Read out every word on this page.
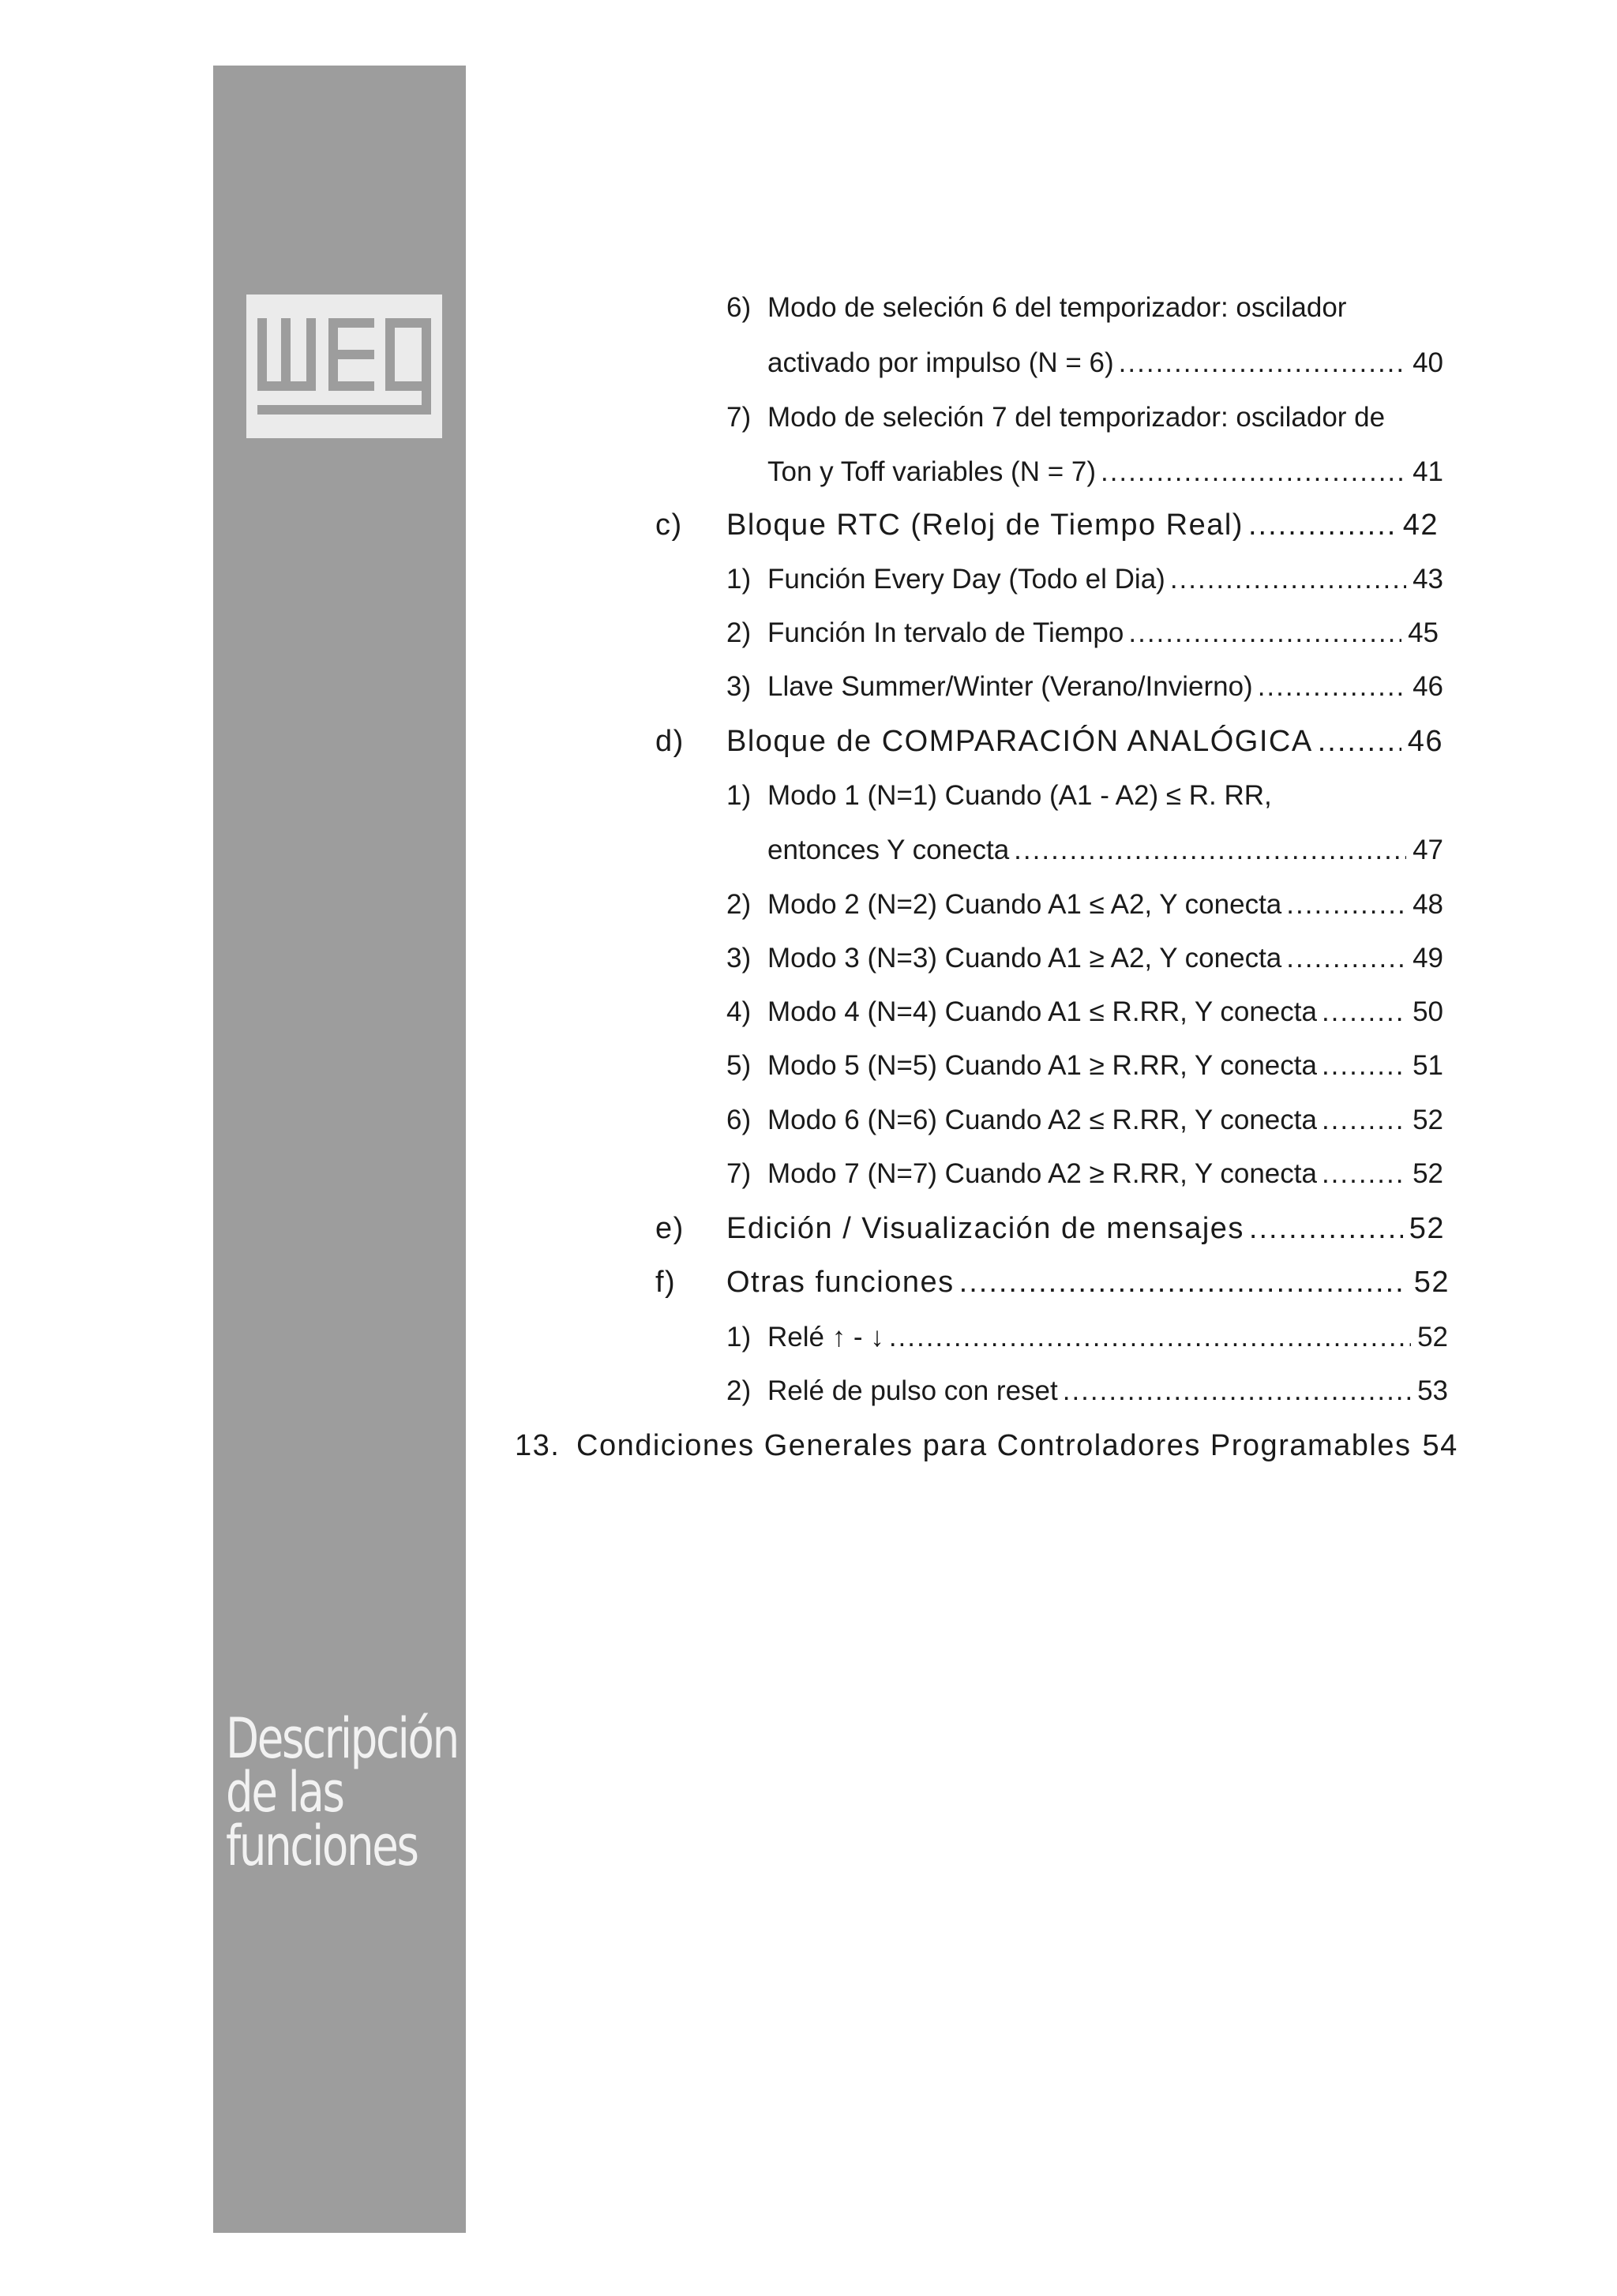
Descripción
de las
funciones
6) Modo de seleción 6 del temporizador: oscilador
activado por impulso (N = 6) .....	40
7) Modo de seleción 7 del temporizador: oscilador de
Ton y Toff variables (N = 7) .....	41
c) Bloque RTC (Reloj de Tiempo Real) .....	42
1) Función Every Day (Todo el Dia) .....	43
2) Función In tervalo de Tiempo .....	45
3) Llave Summer/Winter (Verano/Invierno) .....	46
d) Bloque de COMPARACIÓN ANALÓGICA .....	46
1) Modo 1 (N=1) Cuando (A1 - A2) ≤ R. RR,
entonces Y conecta .....	47
2) Modo 2 (N=2) Cuando A1 ≤ A2, Y conecta .....	48
3) Modo 3 (N=3) Cuando A1 ≥ A2, Y conecta .....	49
4) Modo 4 (N=4) Cuando A1 ≤ R.RR, Y conecta .....	50
5) Modo 5 (N=5) Cuando A1 ≥ R.RR, Y conecta .....	51
6) Modo 6 (N=6) Cuando A2 ≤ R.RR, Y conecta .....	52
7) Modo 7 (N=7) Cuando A2 ≥ R.RR, Y conecta .....	52
e) Edición / Visualización de mensajes .....	52
f) Otras funciones .....	52
1) Relé ↑ - ↓ .....	52
2) Relé de pulso con reset .....	53
13. Condiciones Generales para Controladores Programables 54
